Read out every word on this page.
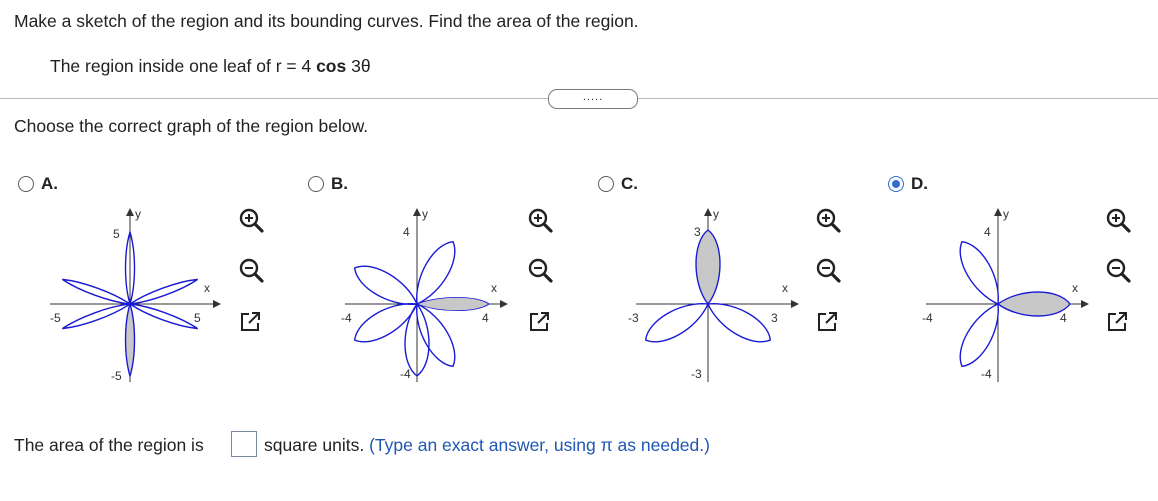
Make a sketch of the region and its bounding curves. Find the area of the region.
The region inside one leaf of r = 4 cos 3θ
.....
Choose the correct graph of the region below.
A.	B.	C.	D.
y
x
5
-5
-5	5
y
x
4
-4
-4	4
y
x
3
-3
-3	3
y
x
4
-4
-4	4
The area of the region is	square units. (Type an exact answer, using π as needed.)
